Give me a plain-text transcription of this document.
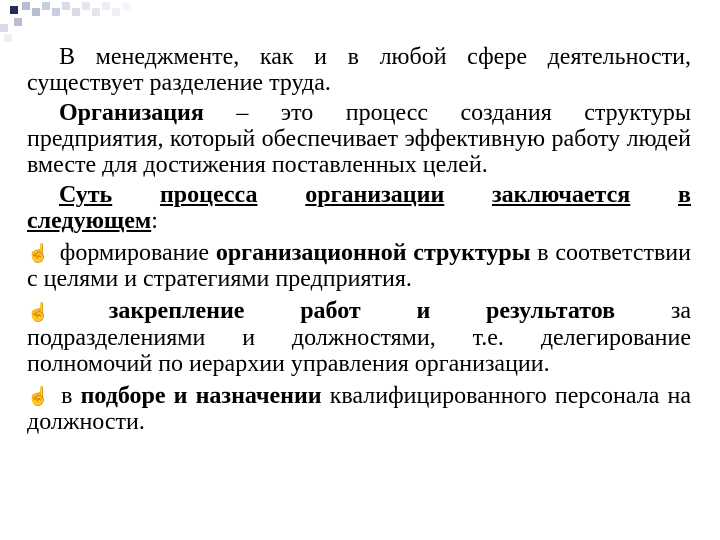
В менеджменте, как и в любой сфере деятельности, существует разделение труда.

Организация – это процесс создания структуры предприятия, который обеспечивает эффективную работу людей вместе для достижения поставленных целей.

Суть процесса организации заключается в
следующем:

☝ формирование организационной структуры в соответствии с целями и стратегиями предприятия.

☝ закрепление работ и результатов за
подразделениями и должностями, т.е. делегирование полномочий по иерархии управления организации.

☝ в подборе и назначении квалифицированного персонала на должности.
